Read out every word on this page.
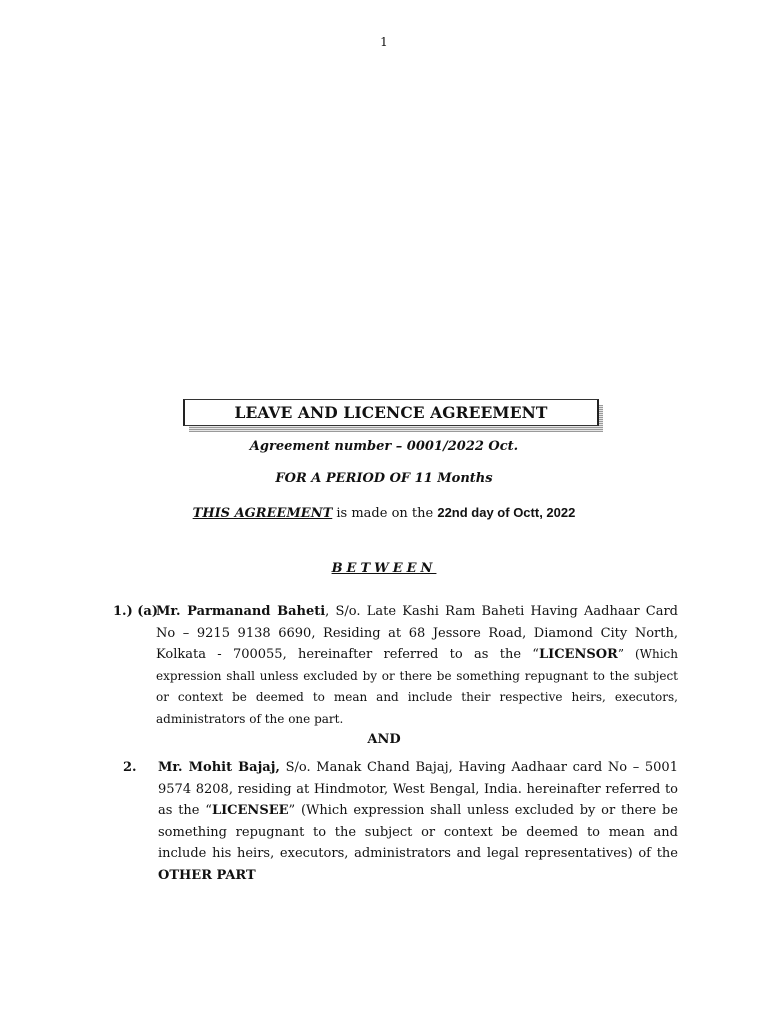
1
LEAVE AND LICENCE AGREEMENT
Agreement number – 0001/2022 Oct.
FOR A PERIOD OF 11 Months
THIS AGREEMENT is made on the 22nd day of Octt, 2022
BETWEEN
1.) (a)
Mr. Parmanand Baheti, S/o. Late Kashi Ram Baheti Having Aadhaar Card No – 9215 9138 6690, Residing at 68 Jessore Road, Diamond City North, Kolkata - 700055, hereinafter referred to as the “LICENSOR” (Which expression shall unless excluded by or there be something repugnant to the subject or context be deemed to mean and include their respective heirs, executors, administrators of the one part.
AND
2. Mr. Mohit Bajaj, S/o. Manak Chand Bajaj, Having Aadhaar card No – 5001 9574 8208, residing at Hindmotor, West Bengal, India. hereinafter referred to as the “LICENSEE” (Which expression shall unless excluded by or there be something repugnant to the subject or context be deemed to mean and include his heirs, executors, administrators and legal representatives) of the OTHER PART
